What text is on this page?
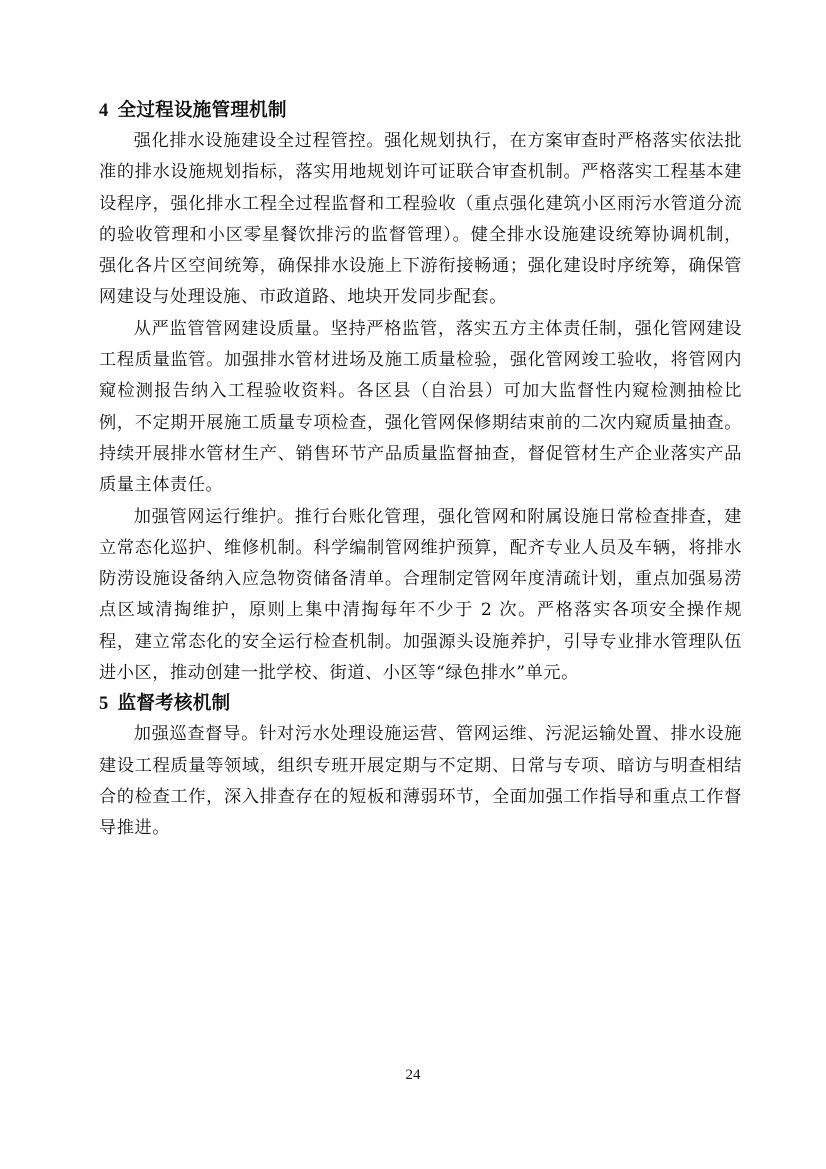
4 全过程设施管理机制

强化排水设施建设全过程管控。强化规划执行，在方案审查时严格落实依法批准的排水设施规划指标，落实用地规划许可证联合审查机制。严格落实工程基本建设程序，强化排水工程全过程监督和工程验收（重点强化建筑小区雨污水管道分流的验收管理和小区零星餐饮排污的监督管理）。健全排水设施建设统筹协调机制，强化各片区空间统筹，确保排水设施上下游衔接畅通；强化建设时序统筹，确保管网建设与处理设施、市政道路、地块开发同步配套。

从严监管管网建设质量。坚持严格监管，落实五方主体责任制，强化管网建设工程质量监管。加强排水管材进场及施工质量检验，强化管网竣工验收，将管网内窥检测报告纳入工程验收资料。各区县（自治县）可加大监督性内窥检测抽检比例，不定期开展施工质量专项检查，强化管网保修期结束前的二次内窥质量抽查。持续开展排水管材生产、销售环节产品质量监督抽查，督促管材生产企业落实产品质量主体责任。

加强管网运行维护。推行台账化管理，强化管网和附属设施日常检查排查，建立常态化巡护、维修机制。科学编制管网维护预算，配齐专业人员及车辆，将排水防涝设施设备纳入应急物资储备清单。合理制定管网年度清疏计划，重点加强易涝点区域清掏维护，原则上集中清掏每年不少于 2 次。严格落实各项安全操作规程，建立常态化的安全运行检查机制。加强源头设施养护，引导专业排水管理队伍进小区，推动创建一批学校、街道、小区等“绿色排水”单元。

5 监督考核机制

加强巡查督导。针对污水处理设施运营、管网运维、污泥运输处置、排水设施建设工程质量等领域，组织专班开展定期与不定期、日常与专项、暗访与明查相结合的检查工作，深入排查存在的短板和薄弱环节，全面加强工作指导和重点工作督导推进。

24
